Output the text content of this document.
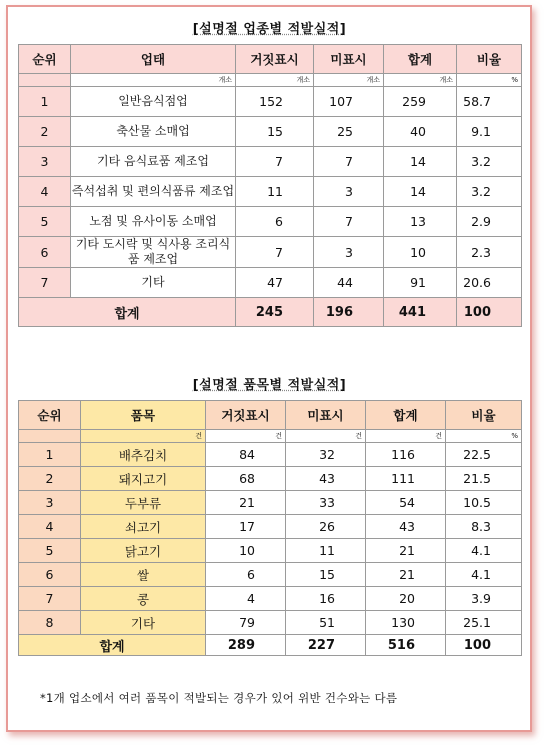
[설명절 업종별 적발실적]
순위	업태	거짓표시	미표시	합계	비율
	개소	개소	개소	개소	%
1	일반음식점업	152	107	259	58.7
2	축산물 소매업	15	25	40	9.1
3	기타 음식료품 제조업	7	7	14	3.2
4	즉석섭취 및 편의식품류 제조업	11	3	14	3.2
5	노점 및 유사이동 소매업	6	7	13	2.9
6	기타 도시락 및 식사용 조리식품 제조업	7	3	10	2.3
7	기타	47	44	91	20.6
합계		245	196	441	100
[설명절 품목별 적발실적]
순위	품목	거짓표시	미표시	합계	비율
	건	건	건	건	%
1	배추김치	84	32	116	22.5
2	돼지고기	68	43	111	21.5
3	두부류	21	33	54	10.5
4	쇠고기	17	26	43	8.3
5	닭고기	10	11	21	4.1
6	쌀	6	15	21	4.1
7	콩	4	16	20	3.9
8	기타	79	51	130	25.1
합계		289	227	516	100
*1개 업소에서 여러 품목이 적발되는 경우가 있어 위반 건수와는 다름
